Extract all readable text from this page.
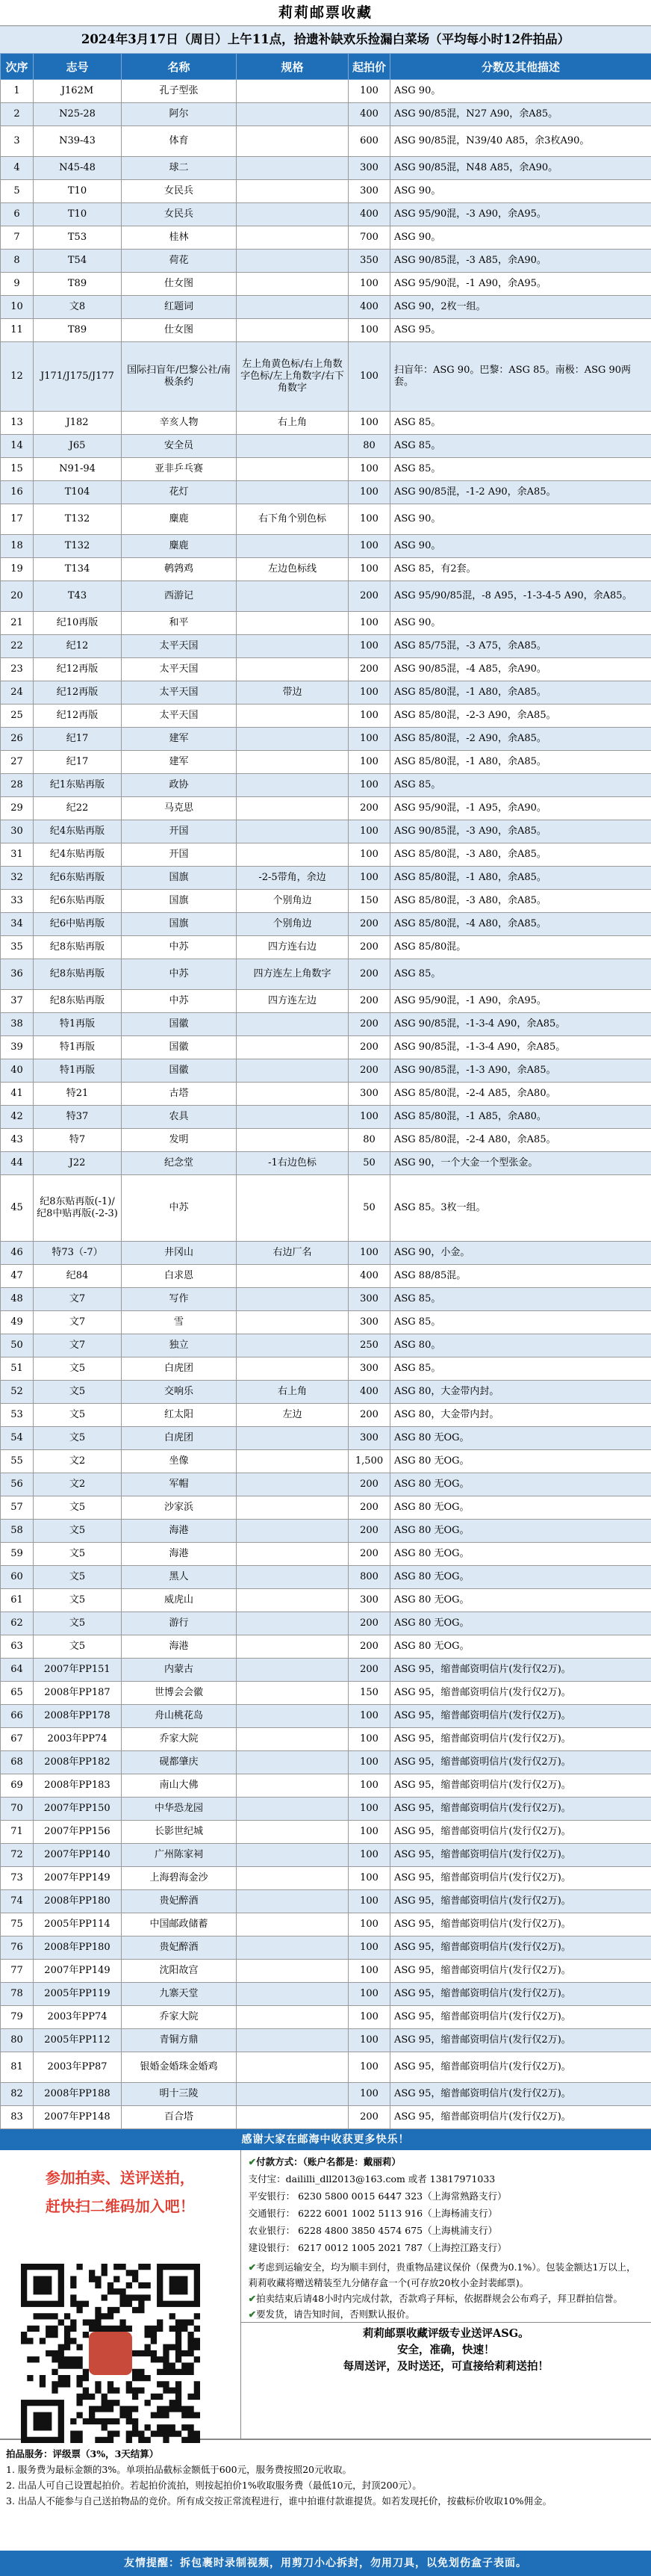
莉莉邮票收藏
2024年3月17日（周日）上午11点，拾遗补缺欢乐捡漏白菜场（平均每小时12件拍品）
次序	志号	名称	规格	起拍价	分数及其他描述
1	J162M	孔子型张		100	ASG 90。
2	N25-28	阿尔		400	ASG 90/85混，N27 A90，余A85。
3	N39-43	体育		600	ASG 90/85混，N39/40 A85，余3枚A90。
4	N45-48	球二		300	ASG 90/85混，N48 A85，余A90。
5	T10	女民兵		300	ASG 90。
6	T10	女民兵		400	ASG 95/90混，-3 A90，余A95。
7	T53	桂林		700	ASG 90。
8	T54	荷花		350	ASG 90/85混，-3 A85，余A90。
9	T89	仕女图		100	ASG 95/90混，-1 A90，余A95。
10	文8	红题词		400	ASG 90，2枚一组。
11	T89	仕女图		100	ASG 95。
12	J171/J175/J177	国际扫盲年/巴黎公社/南极条约	左上角黄色标/右上角数字色标/左上角数字/右下角数字	100	扫盲年：ASG 90。巴黎：ASG 85。南极：ASG 90两套。
13	J182	辛亥人物	右上角	100	ASG 85。
14	J65	安全员		80	ASG 85。
15	N91-94	亚非乒乓赛		100	ASG 85。
16	T104	花灯		100	ASG 90/85混，-1-2 A90，余A85。
17	T132	麋鹿	右下角个别色标	100	ASG 90。
18	T132	麋鹿		100	ASG 90。
19	T134	鹌鹑鸡	左边色标线	100	ASG 85，有2套。
20	T43	西游记		200	ASG 95/90/85混，-8 A95，-1-3-4-5 A90，余A85。
21	纪10再版	和平		100	ASG 90。
22	纪12	太平天国		100	ASG 85/75混，-3 A75，余A85。
23	纪12再版	太平天国		200	ASG 90/85混，-4 A85，余A90。
24	纪12再版	太平天国	带边	100	ASG 85/80混，-1 A80，余A85。
25	纪12再版	太平天国		100	ASG 85/80混，-2-3 A90，余A85。
26	纪17	建军		100	ASG 85/80混，-2 A90，余A85。
27	纪17	建军		100	ASG 85/80混，-1 A80，余A85。
28	纪1东贴再版	政协		100	ASG 85。
29	纪22	马克思		200	ASG 95/90混，-1 A95，余A90。
30	纪4东贴再版	开国		100	ASG 90/85混，-3 A90，余A85。
31	纪4东贴再版	开国		100	ASG 85/80混，-3 A80，余A85。
32	纪6东贴再版	国旗	-2-5带角，余边	100	ASG 85/80混，-1 A80，余A85。
33	纪6东贴再版	国旗	个别角边	150	ASG 85/80混，-3 A80，余A85。
34	纪6中贴再版	国旗	个别角边	200	ASG 85/80混，-4 A80，余A85。
35	纪8东贴再版	中苏	四方连右边	200	ASG 85/80混。
36	纪8东贴再版	中苏	四方连左上角数字	200	ASG 85。
37	纪8东贴再版	中苏	四方连左边	200	ASG 95/90混，-1 A90，余A95。
38	特1再版	国徽		200	ASG 90/85混，-1-3-4 A90，余A85。
39	特1再版	国徽		200	ASG 90/85混，-1-3-4 A90，余A85。
40	特1再版	国徽		200	ASG 90/85混，-1-3 A90，余A85。
41	特21	古塔		300	ASG 85/80混，-2-4 A85，余A80。
42	特37	农具		100	ASG 85/80混，-1 A85，余A80。
43	特7	发明		80	ASG 85/80混，-2-4 A80，余A85。
44	J22	纪念堂	-1右边色标	50	ASG 90，一个大金一个型张金。
45	纪8东贴再版(-1)/纪8中贴再版(-2-3)	中苏		50	ASG 85。3枚一组。
46	特73（-7）	井冈山	右边厂名	100	ASG 90，小金。
47	纪84	白求恩		400	ASG 88/85混。
48	文7	写作		300	ASG 85。
49	文7	雪		300	ASG 85。
50	文7	独立		250	ASG 80。
51	文5	白虎团		300	ASG 85。
52	文5	交响乐	右上角	400	ASG 80，大金带内封。
53	文5	红太阳	左边	200	ASG 80，大金带内封。
54	文5	白虎团		300	ASG 80 无OG。
55	文2	坐像		1,500	ASG 80 无OG。
56	文2	军帽		200	ASG 80 无OG。
57	文5	沙家浜		200	ASG 80 无OG。
58	文5	海港		200	ASG 80 无OG。
59	文5	海港		200	ASG 80 无OG。
60	文5	黑人		800	ASG 80 无OG。
61	文5	威虎山		300	ASG 80 无OG。
62	文5	游行		200	ASG 80 无OG。
63	文5	海港		200	ASG 80 无OG。
64	2007年PP151	内蒙古		200	ASG 95，缩普邮资明信片(发行仅2万)。
65	2008年PP187	世博会会徽		150	ASG 95，缩普邮资明信片(发行仅2万)。
66	2008年PP178	舟山桃花岛		100	ASG 95，缩普邮资明信片(发行仅2万)。
67	2003年PP74	乔家大院		100	ASG 95，缩普邮资明信片(发行仅2万)。
68	2008年PP182	砚都肇庆		100	ASG 95，缩普邮资明信片(发行仅2万)。
69	2008年PP183	南山大佛		100	ASG 95，缩普邮资明信片(发行仅2万)。
70	2007年PP150	中华恐龙园		100	ASG 95，缩普邮资明信片(发行仅2万)。
71	2007年PP156	长影世纪城		100	ASG 95，缩普邮资明信片(发行仅2万)。
72	2007年PP140	广州陈家祠		100	ASG 95，缩普邮资明信片(发行仅2万)。
73	2007年PP149	上海碧海金沙		100	ASG 95，缩普邮资明信片(发行仅2万)。
74	2008年PP180	贵妃醉酒		100	ASG 95，缩普邮资明信片(发行仅2万)。
75	2005年PP114	中国邮政储蓄		100	ASG 95，缩普邮资明信片(发行仅2万)。
76	2008年PP180	贵妃醉酒		100	ASG 95，缩普邮资明信片(发行仅2万)。
77	2007年PP149	沈阳故宫		100	ASG 95，缩普邮资明信片(发行仅2万)。
78	2005年PP119	九寨天堂		100	ASG 95，缩普邮资明信片(发行仅2万)。
79	2003年PP74	乔家大院		100	ASG 95，缩普邮资明信片(发行仅2万)。
80	2005年PP112	青铜方鼎		100	ASG 95，缩普邮资明信片(发行仅2万)。
81	2003年PP87	银婚金婚珠金婚鸡		100	ASG 95，缩普邮资明信片(发行仅2万)。
82	2008年PP188	明十三陵		100	ASG 95，缩普邮资明信片(发行仅2万)。
83	2007年PP148	百合塔		200	ASG 95，缩普邮资明信片(发行仅2万)。
感谢大家在邮海中收获更多快乐！
参加拍卖、送评送拍，
赶快扫二维码加入吧！
✔付款方式：（账户名都是：戴丽莉）
支付宝：daililli_dll2013@163.com 或者 13817971033
平安银行： 6230 5800 0015 6447 323（上海常熟路支行）
交通银行： 6222 6001 1002 5113 916（上海杨浦支行）
农业银行： 6228 4800 3850 4574 675（上海桃浦支行）
建设银行： 6217 0012 1005 2021 787（上海控江路支行）
✔考虑到运输安全，均为顺丰到付，贵重物品建议保价（保费为0.1%）。包装金额达1万以上，莉莉收藏将赠送精装至九分储存盒一个(可存放20枚小金封裴邮票)。
✔拍卖结束后请48小时内完成付款，否款鸡子拜标，依据群规会公布鸡子，拜卫群拍信誉。
✔要发货，请告知时间，否则默认报价。
莉莉邮票收藏评级专业送评ASG。
安全，准确，快速！
每周送评，及时送还，可直接给莉莉送拍！
拍品服务：评级票（3%，3天结算）
1. 服务费为最标金额的3%。单项拍品截标金额低于600元，服务费按照20元收取。
2. 出品人可自己设置起拍价。若起拍价流拍，则按起拍价1%收取服务费（最低10元，封顶200元）。
3. 出品人不能参与自己送拍物品的竞价。所有成交按正常流程进行，谁中拍谁付款谁提货。如若发现托价，按截标价收取10%佣金。
友情提醒：拆包裹时录制视频，用剪刀小心拆封，勿用刀具，以免划伤盒子表面。
